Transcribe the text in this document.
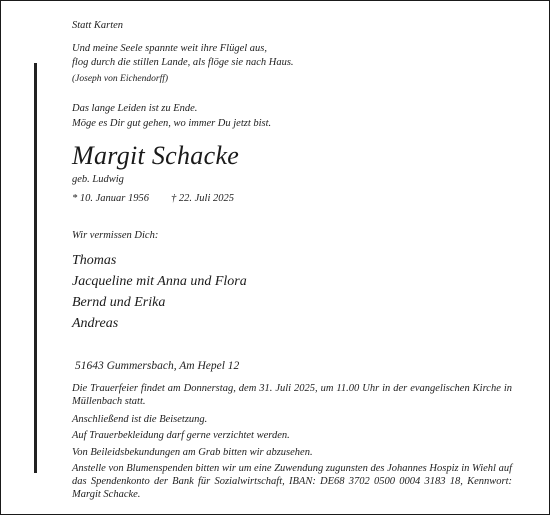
Statt Karten
Und meine Seele spannte weit ihre Flügel aus,
flog durch die stillen Lande, als flöge sie nach Haus.
(Joseph von Eichendorff)
Das lange Leiden ist zu Ende.
Möge es Dir gut gehen, wo immer Du jetzt bist.
Margit Schacke
geb. Ludwig
* 10. Januar 1956 † 22. Juli 2025
Wir vermissen Dich:
Thomas
Jacqueline mit Anna und Flora
Bernd und Erika
Andreas
51643 Gummersbach, Am Hepel 12
Die Trauerfeier findet am Donnerstag, dem 31. Juli 2025, um 11.00 Uhr in der evangelischen Kirche in Müllenbach statt.
Anschließend ist die Beisetzung.
Auf Trauerbekleidung darf gerne verzichtet werden.
Von Beileidsbekundungen am Grab bitten wir abzusehen.
Anstelle von Blumenspenden bitten wir um eine Zuwendung zugunsten des Johannes Hospiz in Wiehl auf das Spendenkonto der Bank für Sozialwirtschaft, IBAN: DE68 3702 0500 0004 3183 18, Kennwort: Margit Schacke.
